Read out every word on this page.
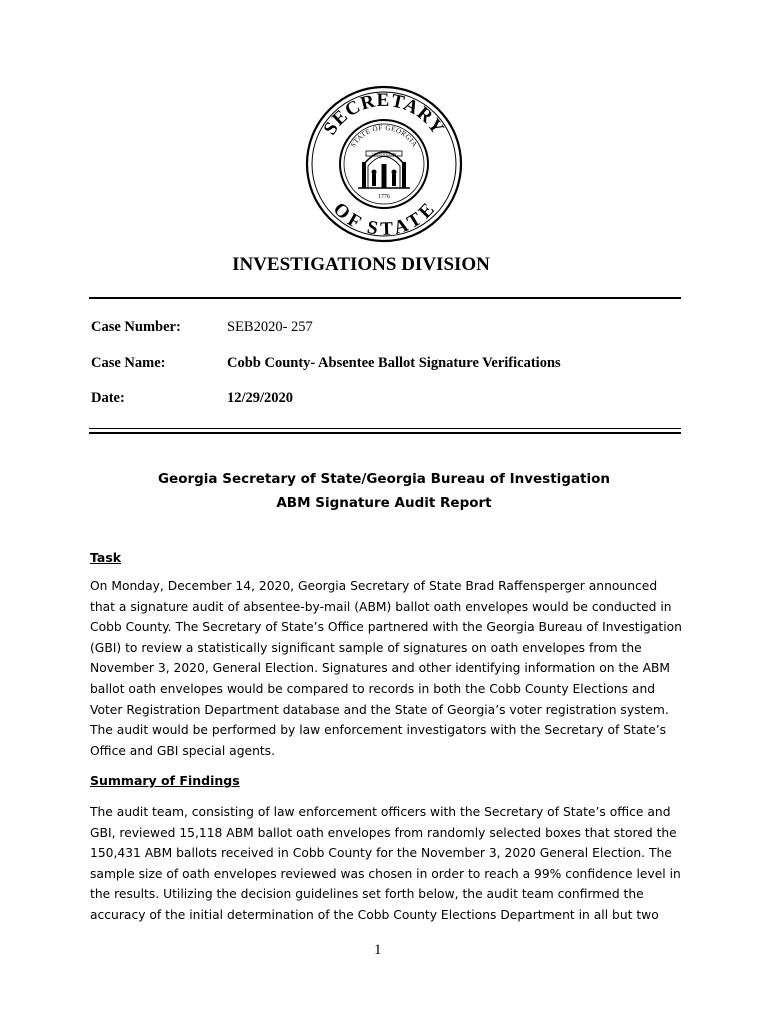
SECRETARY
OF STATE
STATE OF GEORGIA
CONSTITUTION
1776
INVESTIGATIONS DIVISION
Case Number:	SEB2020- 257
Case Name:	Cobb County- Absentee Ballot Signature Verifications
Date:	12/29/2020
Georgia Secretary of State/Georgia Bureau of Investigation
ABM Signature Audit Report
Task
On Monday, December 14, 2020, Georgia Secretary of State Brad Raffensperger announced
that a signature audit of absentee-by-mail (ABM) ballot oath envelopes would be conducted in
Cobb County. The Secretary of State’s Office partnered with the Georgia Bureau of Investigation
(GBI) to review a statistically significant sample of signatures on oath envelopes from the
November 3, 2020, General Election. Signatures and other identifying information on the ABM
ballot oath envelopes would be compared to records in both the Cobb County Elections and
Voter Registration Department database and the State of Georgia’s voter registration system.
The audit would be performed by law enforcement investigators with the Secretary of State’s
Office and GBI special agents.
Summary of Findings
The audit team, consisting of law enforcement officers with the Secretary of State’s office and
GBI, reviewed 15,118 ABM ballot oath envelopes from randomly selected boxes that stored the
150,431 ABM ballots received in Cobb County for the November 3, 2020 General Election. The
sample size of oath envelopes reviewed was chosen in order to reach a 99% confidence level in
the results. Utilizing the decision guidelines set forth below, the audit team confirmed the
accuracy of the initial determination of the Cobb County Elections Department in all but two
1
